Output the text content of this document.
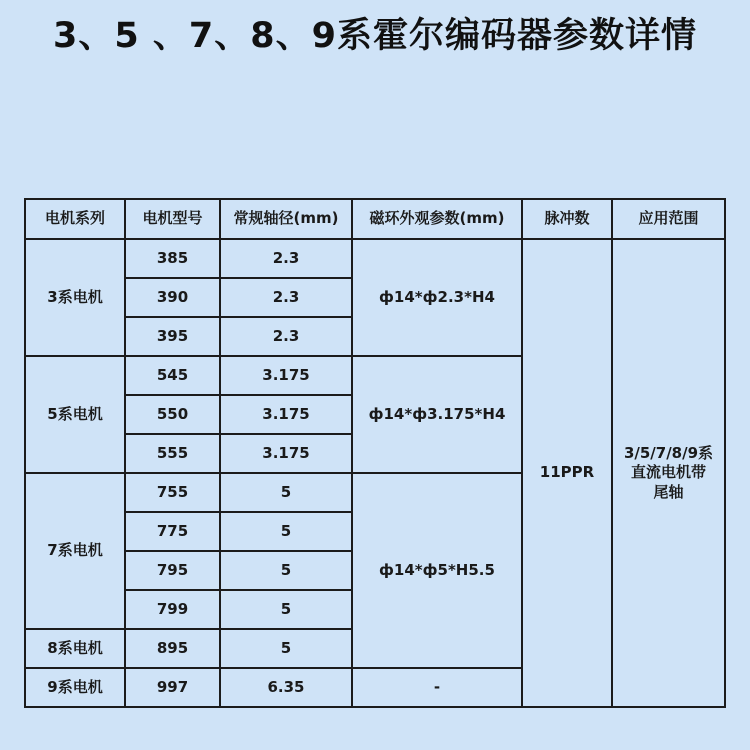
3、5 、7、8、9系霍尔编码器参数详情
电机系列	电机型号	常规轴径(mm)	磁环外观参数(mm)	脉冲数	应用范围
3系电机	385	2.3	ф14*ф2.3*H4	11PPR	3/5/7/8/9系
直流电机带
尾轴

	390	2.3			
	395	2.3			
5系电机	545	3.175	ф14*ф3.175*H4		
	550	3.175			
	555	3.175			
7系电机	755	5	ф14*ф5*H5.5		
	775	5			
	795	5			
	799	5			
8系电机	895	5			
9系电机	997	6.35	-		
